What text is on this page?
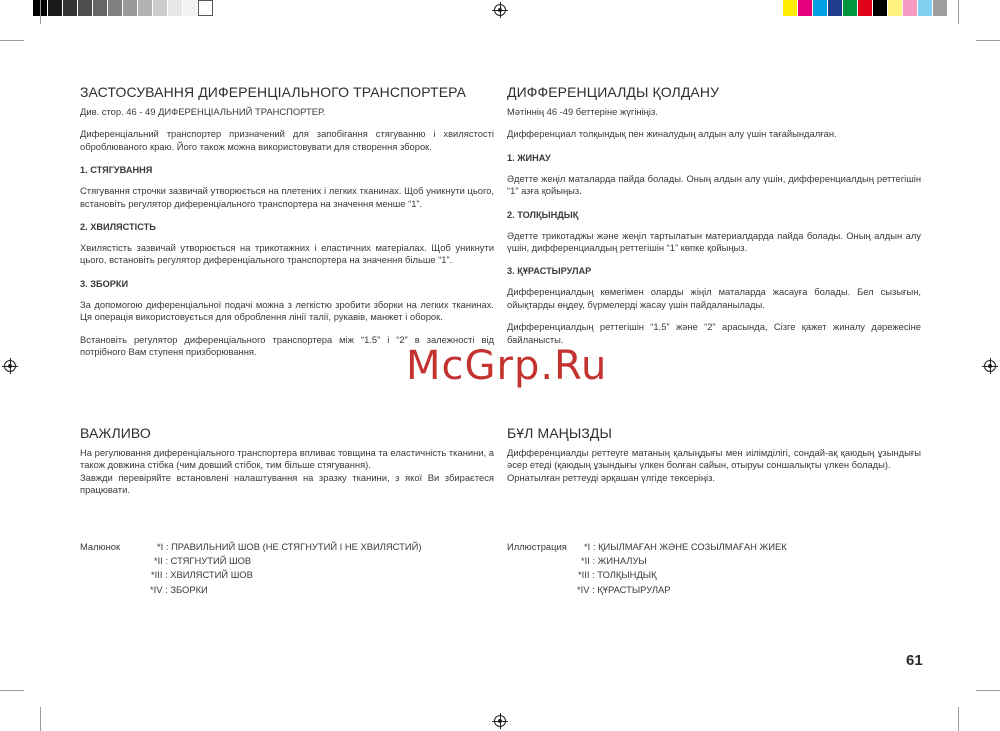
ЗАСТОСУВАННЯ ДИФЕРЕНЦІАЛЬНОГО ТРАНСПОРТЕРА
Див. стор. 46 - 49 ДИФЕРЕНЦІАЛЬНИЙ ТРАНСПОРТЕР.
Диференціальний транспортер призначений для запобігання стягуванню і хвилястості оброблюваного краю. Його також можна використовувати для створення зборок.
1. СТЯГУВАННЯ
Стягування строчки зазвичай утворюється на плетених і легких тканинах. Щоб уникнути цього, встановіть регулятор диференціального транспортера на значення менше “1”.
2. ХВИЛЯСТІСТЬ
Хвилястість зазвичай утворюється на трикотажних і еластичних матеріалах. Щоб уникнути цього, встановіть регулятор диференціального транспортера на значення більше “1”.
3. ЗБОРКИ
За допомогою диференціальної подачі можна з легкістю зробити зборки на легких тканинах. Ця операція використовується для оброблення лінії талії, рукавів, манжет і оборок.
Встановіть регулятор диференціального транспортера між “1.5” і “2” в залежності від потрібного Вам ступеня призборювання.
ДИФФЕРЕНЦИАЛДЫ ҚОЛДАНУ
Мәтіннің 46 -49 беттеріне жүгініңіз.
Дифференциал толқындық пен жиналудың алдын алу үшін тағайындалған.
1. ЖИНАУ
Әдетте жеңіл маталарда пайда болады. Оның алдын алу үшін, дифференциалдың реттегішін “1” азға қойыңыз.
2. ТОЛҚЫНДЫҚ
Әдетте трикотаджы және жеңіл тартылатын материалдарда пайда болады. Оның алдын алу үшін, дифференциалдың реттегішін “1” көпке қойыңыз.
3. ҚҰРАСТЫРУЛАР
Дифференциалдың көмегімен оларды жіңіл маталарда жасауға болады. Бел сызығын, ойықтарды өңдеу, бүрмелерді жасау үшін пайдаланылады.
Дифференциалдың реттегішін “1.5” және “2” арасында, Сізге қажет жиналу дәрежесіне байланысты.
McGrp.Ru
ВАЖЛИВО
На регулювання диференціального транспортера впливає товщина та еластичність тканини, а також довжина стібка (чим довший стібок, тим більше стягування).
Завжди перевіряйте встановлені налаштування на зразку тканини, з якої Ви збираєтеся працювати.
БҰЛ МАҢЫЗДЫ
Дифференциалды реттеуге матаның қалыңдығы мен иілімділігі, сондай-ақ қаюдың ұзындығы әсер етеді (қаюдың ұзындығы үлкен болған сайын, отыруы соншалықты үлкен болады).
Орнатылған реттеуді әрқашан үлгіде тексеріңіз.
Малюнок	*I : ПРАВИЛЬНИЙ ШОВ (НЕ СТЯГНУТИЙ І НЕ ХВИЛЯСТИЙ)
*II : СТЯГНУТИЙ ШОВ
*III : ХВИЛЯСТИЙ ШОВ
*IV : ЗБОРКИ
Иллюстрация	*I : ҚИЫЛМАҒАН ЖӘНЕ СОЗЫЛМАҒАН ЖИЕК
*II : ЖИНАЛУЫ
*III : ТОЛҚЫНДЫҚ
*IV : ҚҰРАСТЫРУЛАР
61
